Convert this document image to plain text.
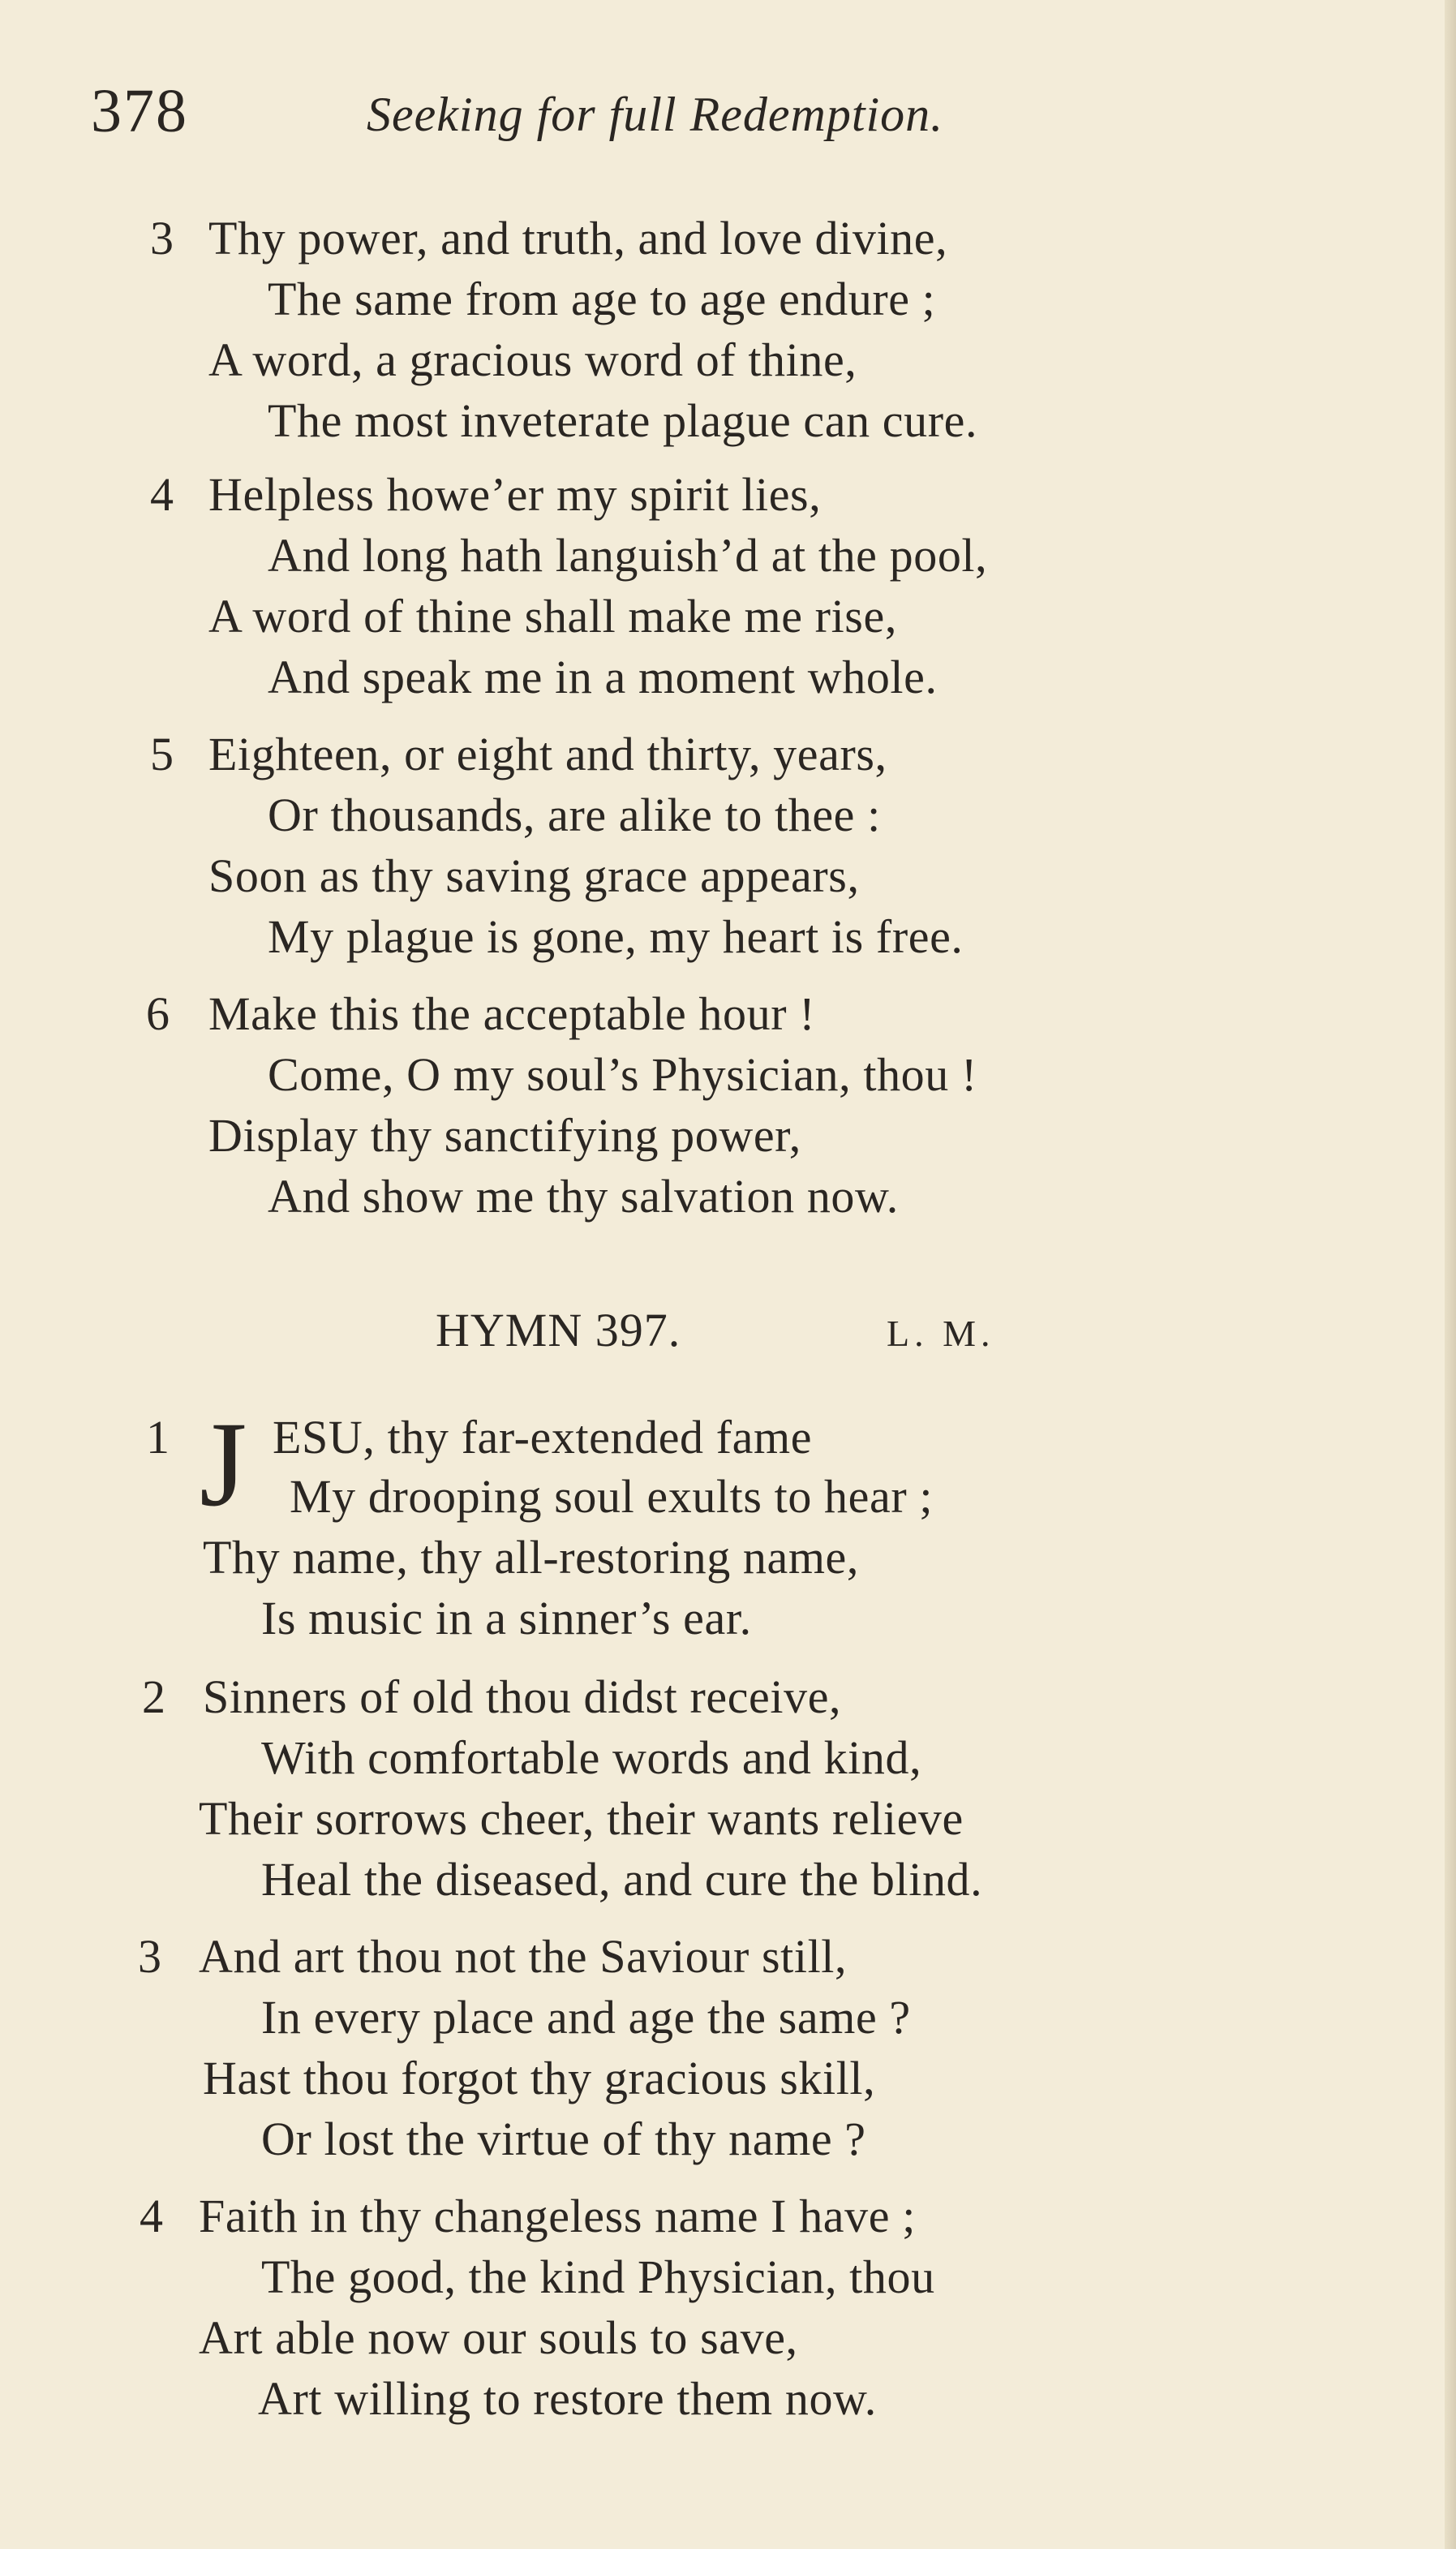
378	Seeking for full Redemption.
3 Thy power, and truth, and love divine,
The same from age to age endure ;
A word, a gracious word of thine,
The most inveterate plague can cure.
4 Helpless howe’er my spirit lies,
And long hath languish’d at the pool,
A word of thine shall make me rise,
And speak me in a moment whole.
5 Eighteen, or eight and thirty, years,
Or thousands, are alike to thee :
Soon as thy saving grace appears,
My plague is gone, my heart is free.
6 Make this the acceptable hour !
Come, O my soul’s Physician, thou !
Display thy sanctifying power,
And show me thy salvation now.
HYMN 397.	L. M.
J
1 ESU, thy far-extended fame
My drooping soul exults to hear ;
Thy name, thy all-restoring name,
Is music in a sinner’s ear.
2 Sinners of old thou didst receive,
With comfortable words and kind,
Their sorrows cheer, their wants relieve
Heal the diseased, and cure the blind.
3 And art thou not the Saviour still,
In every place and age the same ?
Hast thou forgot thy gracious skill,
Or lost the virtue of thy name ?
4 Faith in thy changeless name I have ;
The good, the kind Physician, thou
Art able now our souls to save,
Art willing to restore them now.
